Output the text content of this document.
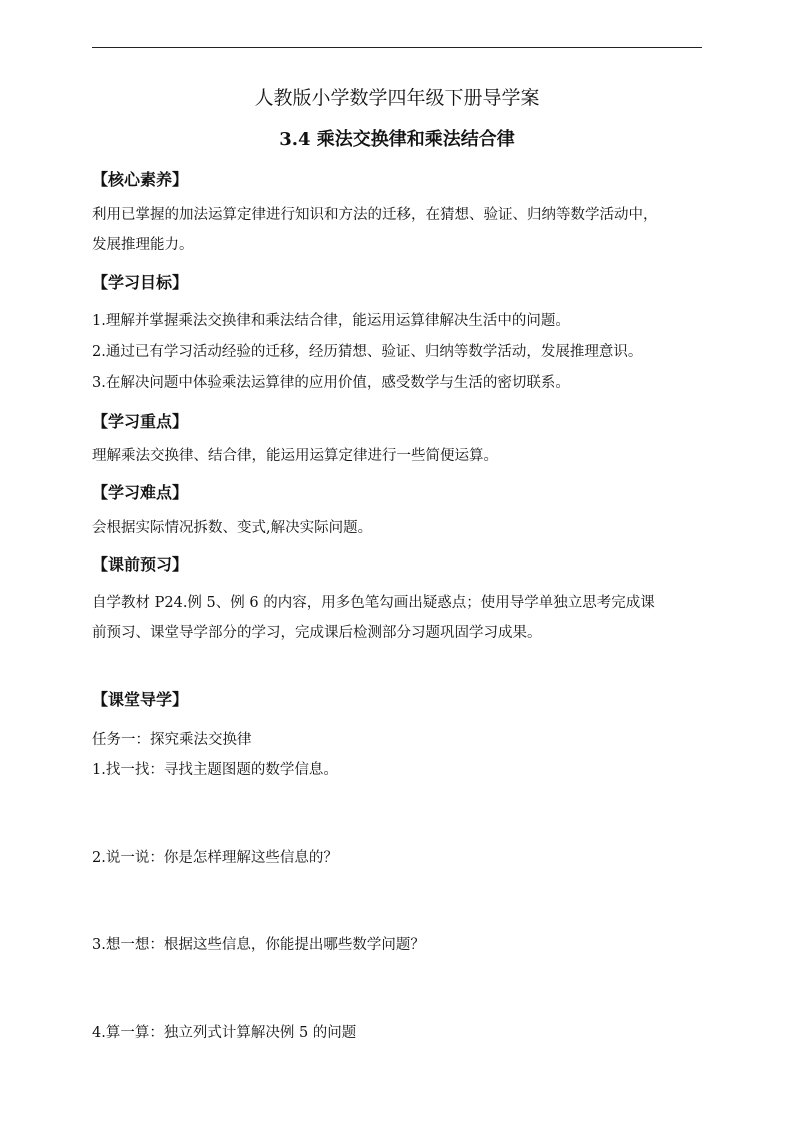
人教版小学数学四年级下册导学案
3.4 乘法交换律和乘法结合律
【核心素养】
利用已掌握的加法运算定律进行知识和方法的迁移，在猜想、验证、归纳等数学活动中，
发展推理能力。
【学习目标】
1.理解并掌握乘法交换律和乘法结合律，能运用运算律解决生活中的问题。
2.通过已有学习活动经验的迁移，经历猜想、验证、归纳等数学活动，发展推理意识。
3.在解决问题中体验乘法运算律的应用价值，感受数学与生活的密切联系。
【学习重点】
理解乘法交换律、结合律，能运用运算定律进行一些简便运算。
【学习难点】
会根据实际情况拆数、变式,解决实际问题。
【课前预习】
自学教材 P24.例 5、例 6 的内容，用多色笔勾画出疑惑点；使用导学单独立思考完成课
前预习、课堂导学部分的学习，完成课后检测部分习题巩固学习成果。
【课堂导学】
任务一：探究乘法交换律
1.找一找：寻找主题图题的数学信息。
2.说一说：你是怎样理解这些信息的？
3.想一想：根据这些信息，你能提出哪些数学问题？
4.算一算：独立列式计算解决例 5 的问题
